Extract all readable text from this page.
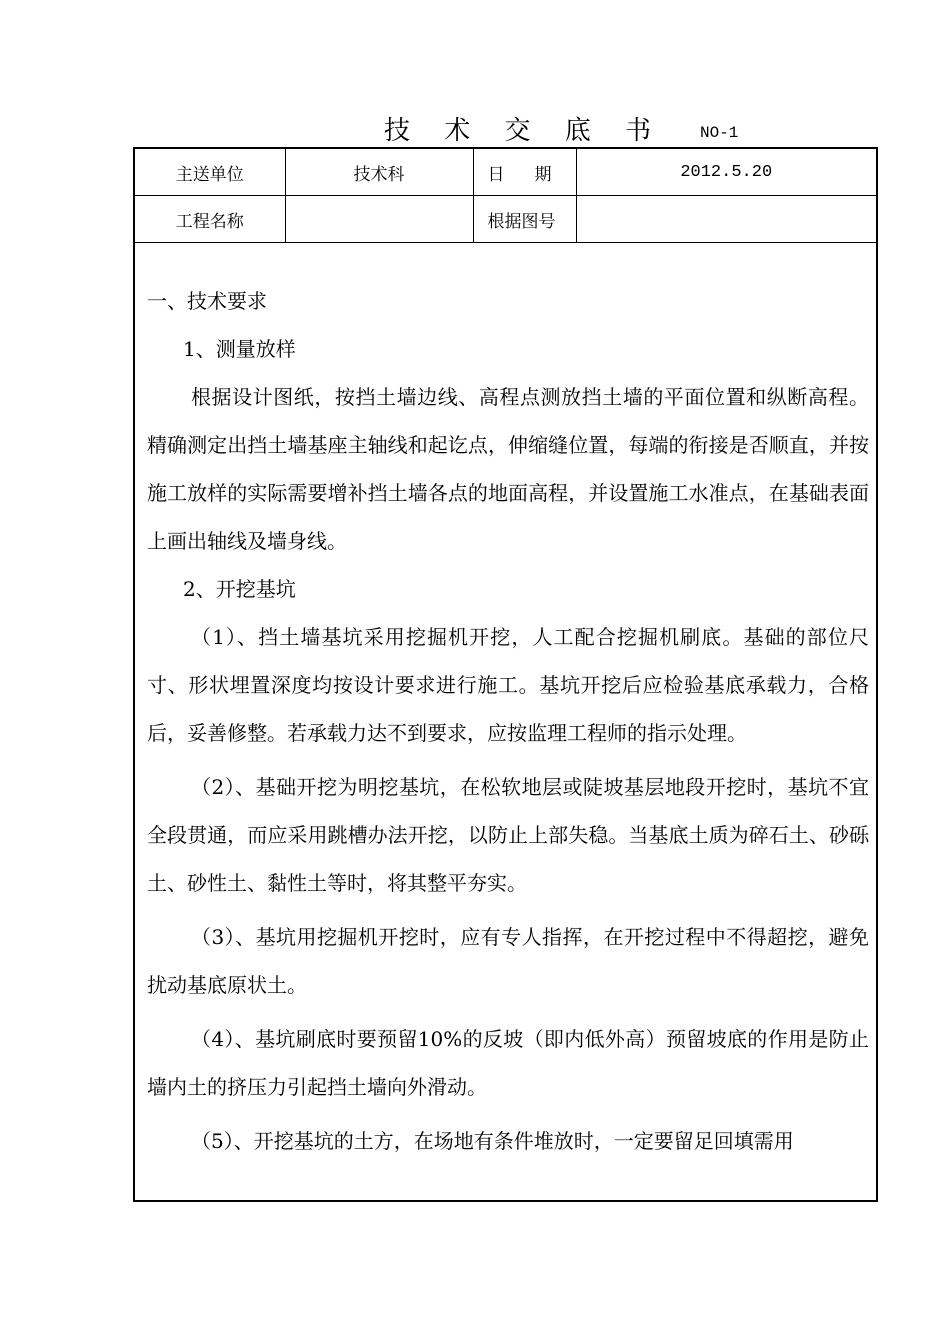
技 术 交 底 书 NO-1
主送单位	技术科	日 期	2012.5.20
工程名称		根据图号	

一、技术要求

1、测量放样

根据设计图纸，按挡土墙边线、高程点测放挡土墙的平面位置和纵断高程。精确测定出挡土墙基座主轴线和起讫点，伸缩缝位置，每端的衔接是否顺直，并按施工放样的实际需要增补挡土墙各点的地面高程，并设置施工水准点，在基础表面上画出轴线及墙身线。

2、开挖基坑

（1）、挡土墙基坑采用挖掘机开挖，人工配合挖掘机刷底。基础的部位尺寸、形状埋置深度均按设计要求进行施工。基坑开挖后应检验基底承载力，合格后，妥善修整。若承载力达不到要求，应按监理工程师的指示处理。

（2）、基础开挖为明挖基坑，在松软地层或陡坡基层地段开挖时，基坑不宜全段贯通，而应采用跳槽办法开挖，以防止上部失稳。当基底土质为碎石土、砂砾土、砂性土、黏性土等时，将其整平夯实。

（3）、基坑用挖掘机开挖时，应有专人指挥，在开挖过程中不得超挖，避免扰动基底原状土。

（4）、基坑刷底时要预留10%的反坡（即内低外高）预留坡底的作用是防止墙内土的挤压力引起挡土墙向外滑动。

（5）、开挖基坑的土方，在场地有条件堆放时，一定要留足回填需用
